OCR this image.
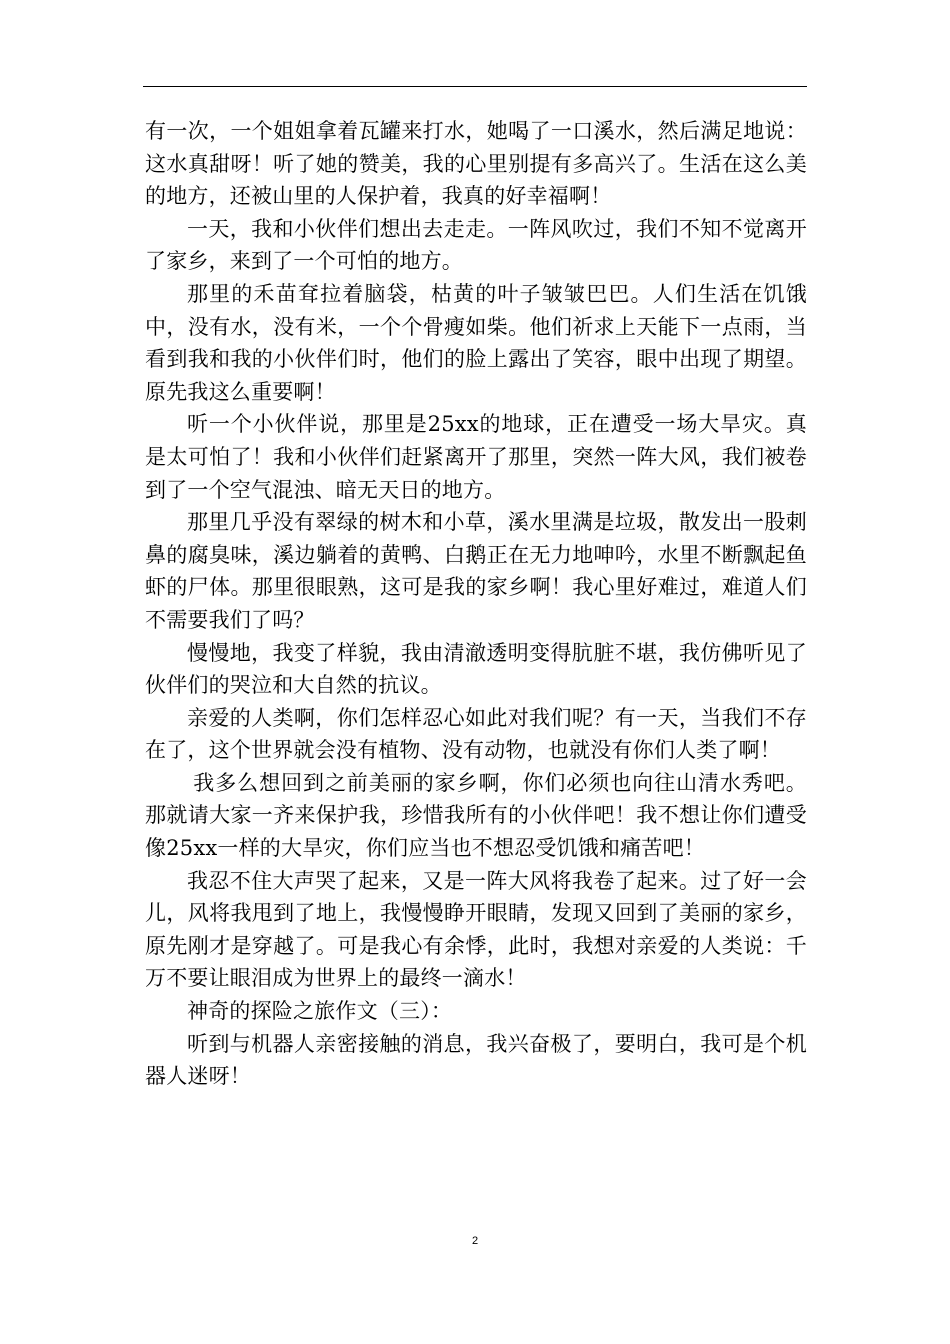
有一次，一个姐姐拿着瓦罐来打水，她喝了一口溪水，然后满足地说：这水真甜呀！听了她的赞美，我的心里别提有多高兴了。生活在这么美的地方，还被山里的人保护着，我真的好幸福啊！

一天，我和小伙伴们想出去走走。一阵风吹过，我们不知不觉离开了家乡，来到了一个可怕的地方。

那里的禾苗耷拉着脑袋，枯黄的叶子皱皱巴巴。人们生活在饥饿中，没有水，没有米，一个个骨瘦如柴。他们祈求上天能下一点雨，当看到我和我的小伙伴们时，他们的脸上露出了笑容，眼中出现了期望。原先我这么重要啊！

听一个小伙伴说，那里是25xx的地球，正在遭受一场大旱灾。真是太可怕了！我和小伙伴们赶紧离开了那里，突然一阵大风，我们被卷到了一个空气混浊、暗无天日的地方。

那里几乎没有翠绿的树木和小草，溪水里满是垃圾，散发出一股刺鼻的腐臭味，溪边躺着的黄鸭、白鹅正在无力地呻吟，水里不断飘起鱼虾的尸体。那里很眼熟，这可是我的家乡啊！我心里好难过，难道人们不需要我们了吗？

慢慢地，我变了样貌，我由清澈透明变得肮脏不堪，我仿佛听见了伙伴们的哭泣和大自然的抗议。

亲爱的人类啊，你们怎样忍心如此对我们呢？有一天，当我们不存在了，这个世界就会没有植物、没有动物，也就没有你们人类了啊！

我多么想回到之前美丽的家乡啊，你们必须也向往山清水秀吧。那就请大家一齐来保护我，珍惜我所有的小伙伴吧！我不想让你们遭受像25xx一样的大旱灾，你们应当也不想忍受饥饿和痛苦吧！

我忍不住大声哭了起来，又是一阵大风将我卷了起来。过了好一会儿，风将我甩到了地上，我慢慢睁开眼睛，发现又回到了美丽的家乡，原先刚才是穿越了。可是我心有余悸，此时，我想对亲爱的人类说：千万不要让眼泪成为世界上的最终一滴水！

神奇的探险之旅作文（三）：

听到与机器人亲密接触的消息，我兴奋极了，要明白，我可是个机器人迷呀！

2
